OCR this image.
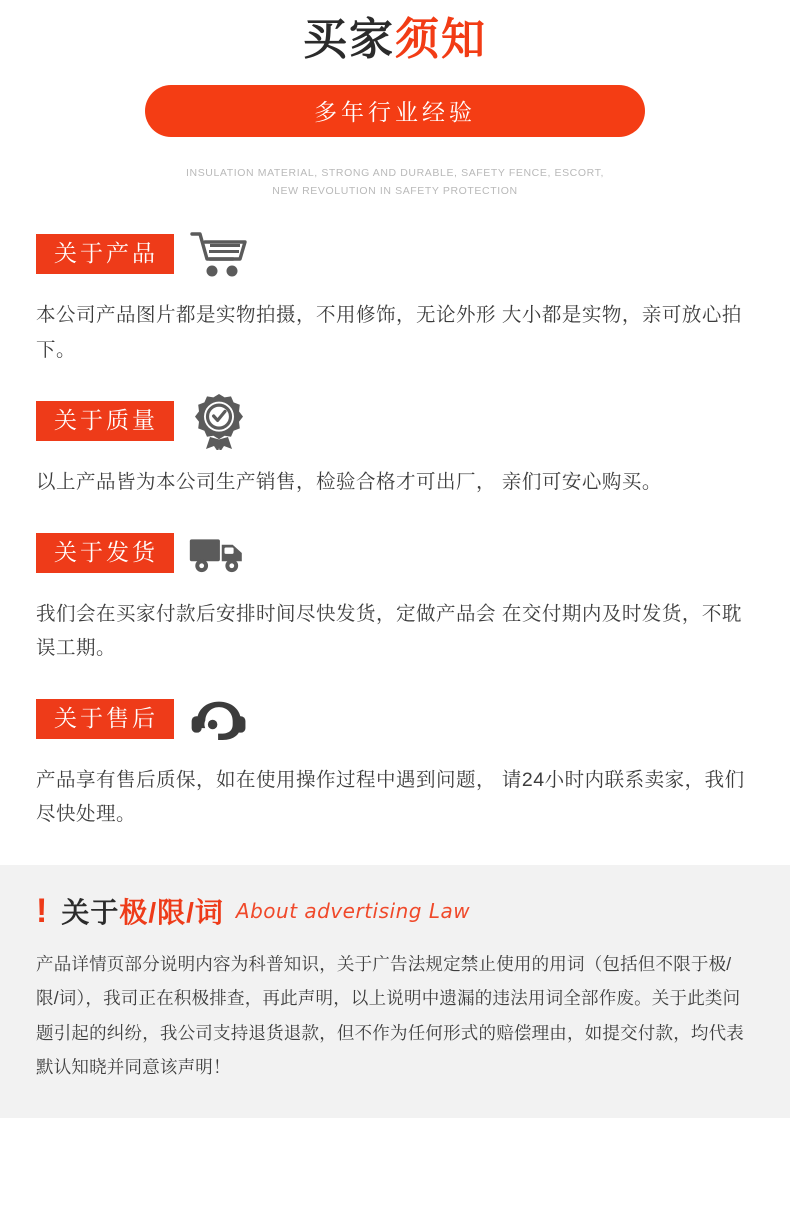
买家须知
多年行业经验
INSULATION MATERIAL, STRONG AND DURABLE, SAFETY FENCE, ESCORT,
NEW REVOLUTION IN SAFETY PROTECTION
关于产品
本公司产品图片都是实物拍摄，不用修饰，无论外形 大小都是实物，亲可放心拍下。
关于质量
以上产品皆为本公司生产销售，检验合格才可出厂， 亲们可安心购买。
关于发货
我们会在买家付款后安排时间尽快发货，定做产品会 在交付期内及时发货，不耽误工期。
关于售后
产品享有售后质保，如在使用操作过程中遇到问题， 请24小时内联系卖家，我们尽快处理。
! 关于极/限/词 About advertising Law
产品详情页部分说明内容为科普知识，关于广告法规定禁止使用的用词（包括但不限于极/限/词），我司正在积极排查，再此声明，以上说明中遗漏的违法用词全部作废。关于此类问题引起的纠纷，我公司支持退货退款，但不作为任何形式的赔偿理由，如提交付款，均代表默认知晓并同意该声明！
